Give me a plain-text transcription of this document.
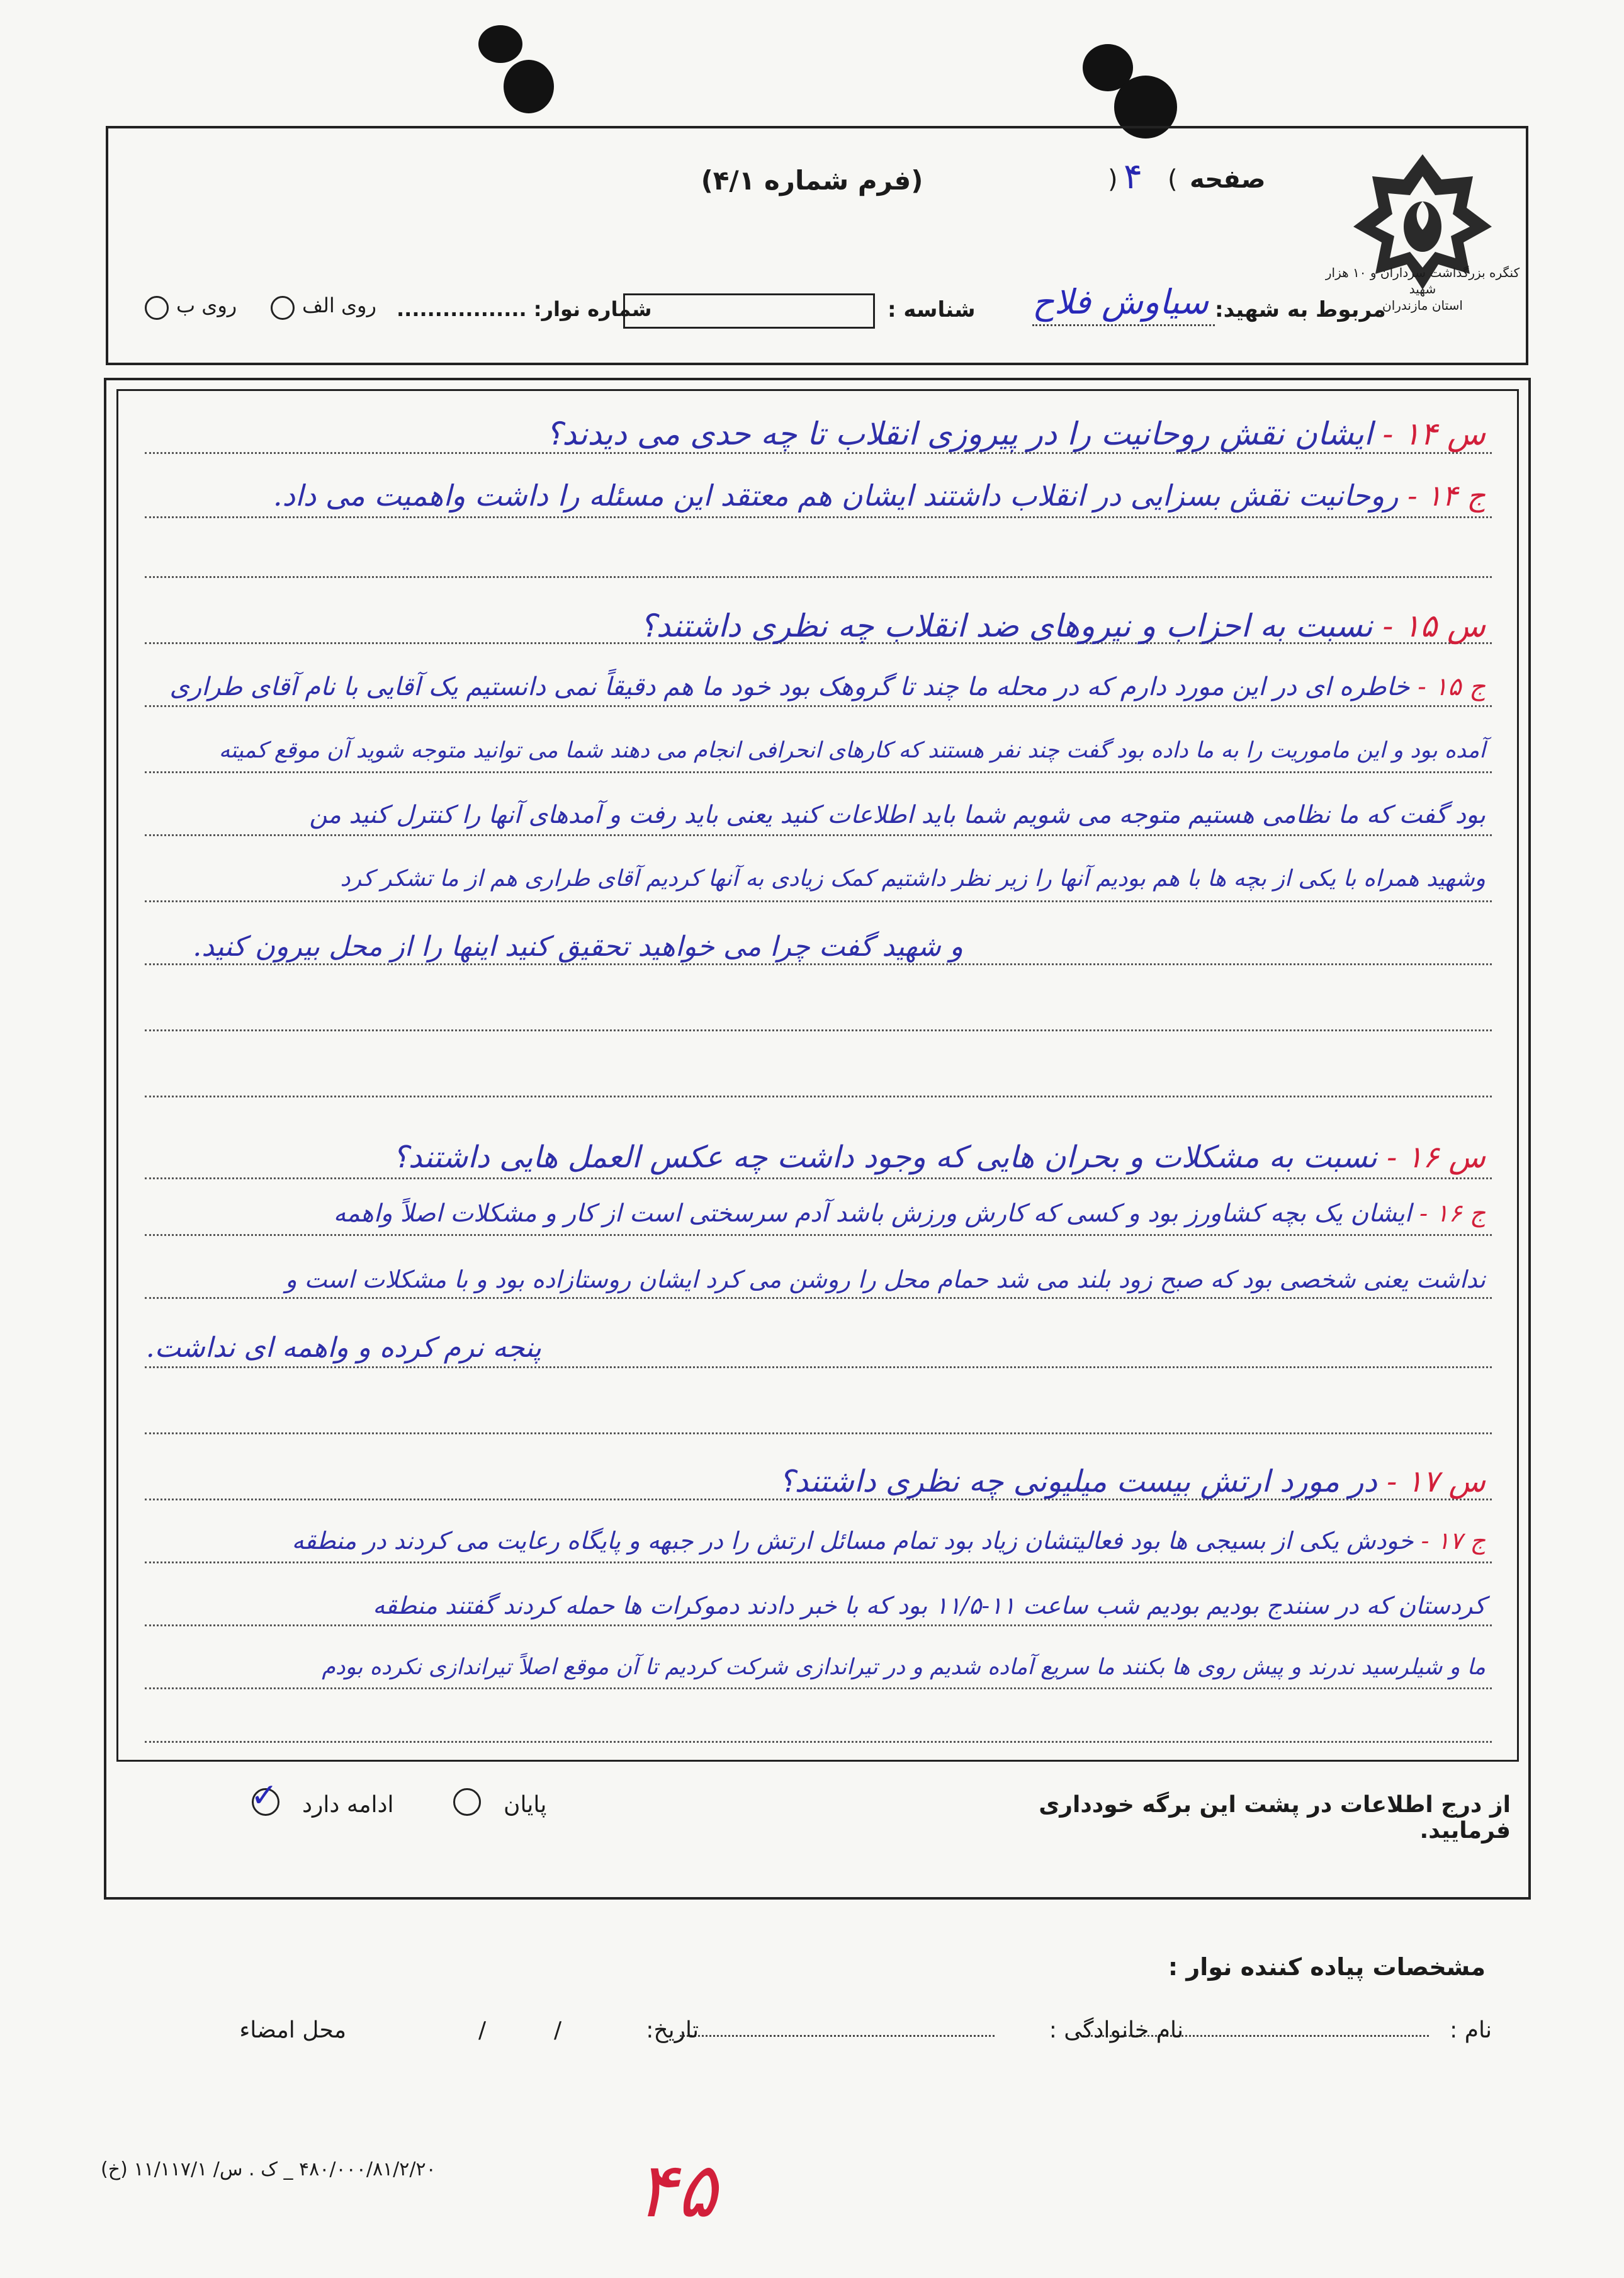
کنگره بزرگداشت سرداران و ۱۰ هزار شهید
استان مازندران
صفحه
(
۴
)
(فرم شماره ۴/۱)
مربوط به شهید:
سیاوش فلاح
شناسه :
شماره نوار: .................
روی الف
روی ب
س ۱۴ - ایشان نقش روحانیت را در پیروزی انقلاب تا چه حدی می دیدند؟
ج ۱۴ - روحانیت نقش بسزایی در انقلاب داشتند ایشان هم معتقد این مسئله را داشت واهمیت می داد.
س ۱۵ - نسبت به احزاب و نیروهای ضد انقلاب چه نظری داشتند؟
ج ۱۵ - خاطره ای در این مورد دارم که در محله ما چند تا گروهک بود خود ما هم دقیقاً نمی دانستیم یک آقایی با نام آقای طراری
آمده بود و این ماموریت را به ما داده بود گفت چند نفر هستند که کارهای انحرافی انجام می دهند شما می توانید متوجه شوید آن موقع کمیته
بود گفت که ما نظامی هستیم متوجه می شویم شما باید اطلاعات کنید یعنی باید رفت و آمدهای آنها را کنترل کنید من
وشهید همراه با یکی از بچه ها با هم بودیم آنها را زیر نظر داشتیم کمک زیادی به آنها کردیم آقای طراری هم از ما تشکر کرد
و شهید گفت چرا می خواهید تحقیق کنید اینها را از محل بیرون کنید.
س ۱۶ - نسبت به مشکلات و بحران هایی که وجود داشت چه عکس العمل هایی داشتند؟
ج ۱۶ - ایشان یک بچه کشاورز بود و کسی که کارش ورزش باشد آدم سرسختی است از کار و مشکلات اصلاً واهمه
نداشت یعنی شخصی بود که صبح زود بلند می شد حمام محل را روشن می کرد ایشان روستازاده بود و با مشکلات است و
پنجه نرم کرده و واهمه ای نداشت.
س ۱۷ - در مورد ارتش بیست میلیونی چه نظری داشتند؟
ج ۱۷ - خودش یکی از بسیجی ها بود فعالیتشان زیاد بود تمام مسائل ارتش را در جبهه و پایگاه رعایت می کردند در منطقه
کردستان که در سنندج بودیم بودیم شب ساعت ۱۱-۱۱/۵ بود که با خبر دادند دموکرات ها حمله کردند گفتند منطقه
ما و شیلرسید ندرند و پیش روی ها بکنند ما سریع آماده شدیم و در تیراندازی شرکت کردیم تا آن موقع اصلاً تیراندازی نکرده بودم
از درج اطلاعات در پشت این برگه خودداری فرمایید.
پایان
ادامه دارد
✓
مشخصات پیاده کننده نوار :
نام :
نام خانوادگی :
تاریخ:
/
/
محل امضاء
(خ) ۴۸۰/۰۰۰/۸۱/۲/۲۰ _ ک . س/ ۱۱/۱۱۷/۱	۴۵
